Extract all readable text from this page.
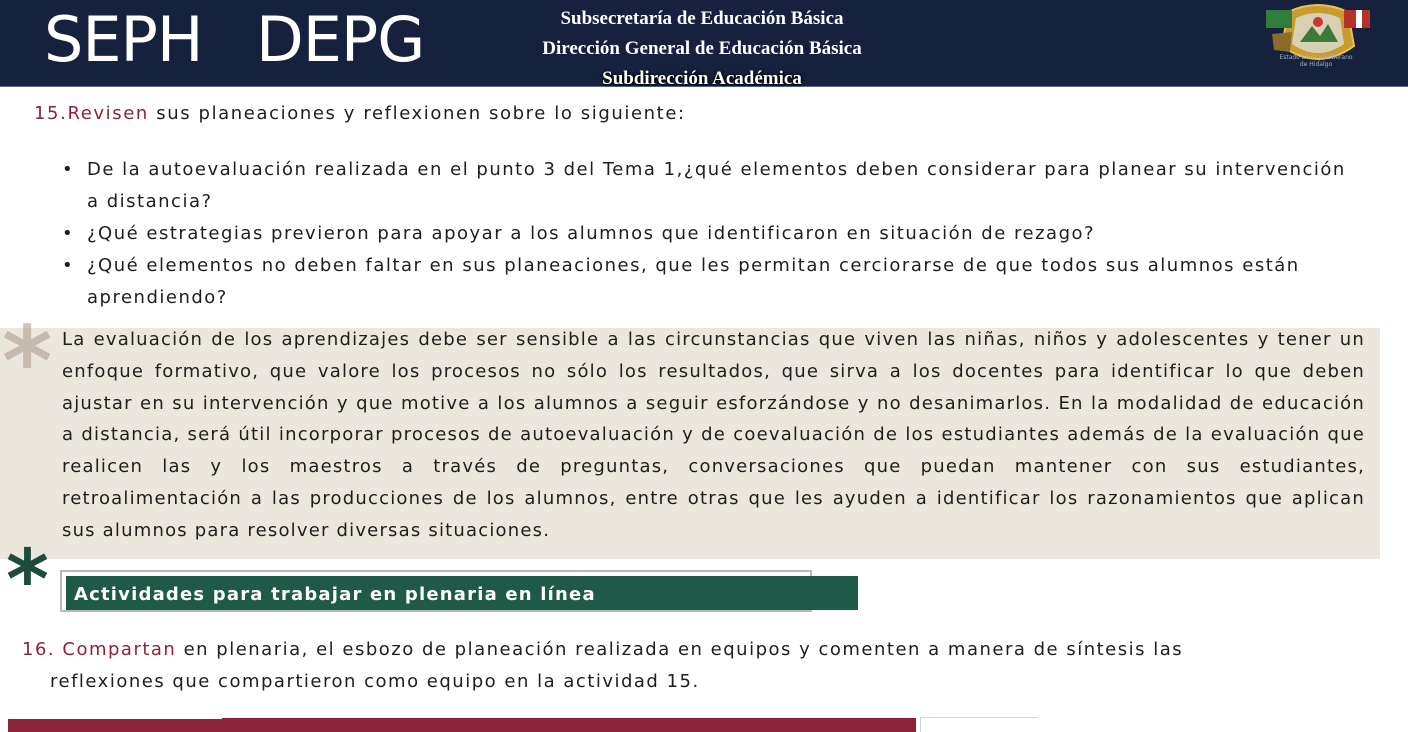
SEPH DEPG	Subsecretaría de Educación Básica
Dirección General de Educación Básica
Subdirección Académica
Estado Libre y Soberano
de Hidalgo
15.Revisen sus planeaciones y reflexionen sobre lo siguiente:
• De la autoevaluación realizada en el punto 3 del Tema 1,¿qué elementos deben considerar para planear su intervención a distancia?
• ¿Qué estrategias previeron para apoyar a los alumnos que identificaron en situación de rezago?
• ¿Qué elementos no deben faltar en sus planeaciones, que les permitan cerciorarse de que todos sus alumnos están aprendiendo?
* La evaluación de los aprendizajes debe ser sensible a las circunstancias que viven las niñas, niños y adolescentes y tener un enfoque formativo, que valore los procesos no sólo los resultados, que sirva a los docentes para identificar lo que deben ajustar en su intervención y que motive a los alumnos a seguir esforzándose y no desanimarlos. En la modalidad de educación a distancia, será útil incorporar procesos de autoevaluación y de coevaluación de los estudiantes además de la evaluación que realicen las y los maestros a través de preguntas, conversaciones que puedan mantener con sus estudiantes, retroalimentación a las producciones de los alumnos, entre otras que les ayuden a identificar los razonamientos que aplican sus alumnos para resolver diversas situaciones.
*	Actividades para trabajar en plenaria en línea
16. Compartan en plenaria, el esbozo de planeación realizada en equipos y comenten a manera de síntesis las
reflexiones que compartieron como equipo en la actividad 15.
